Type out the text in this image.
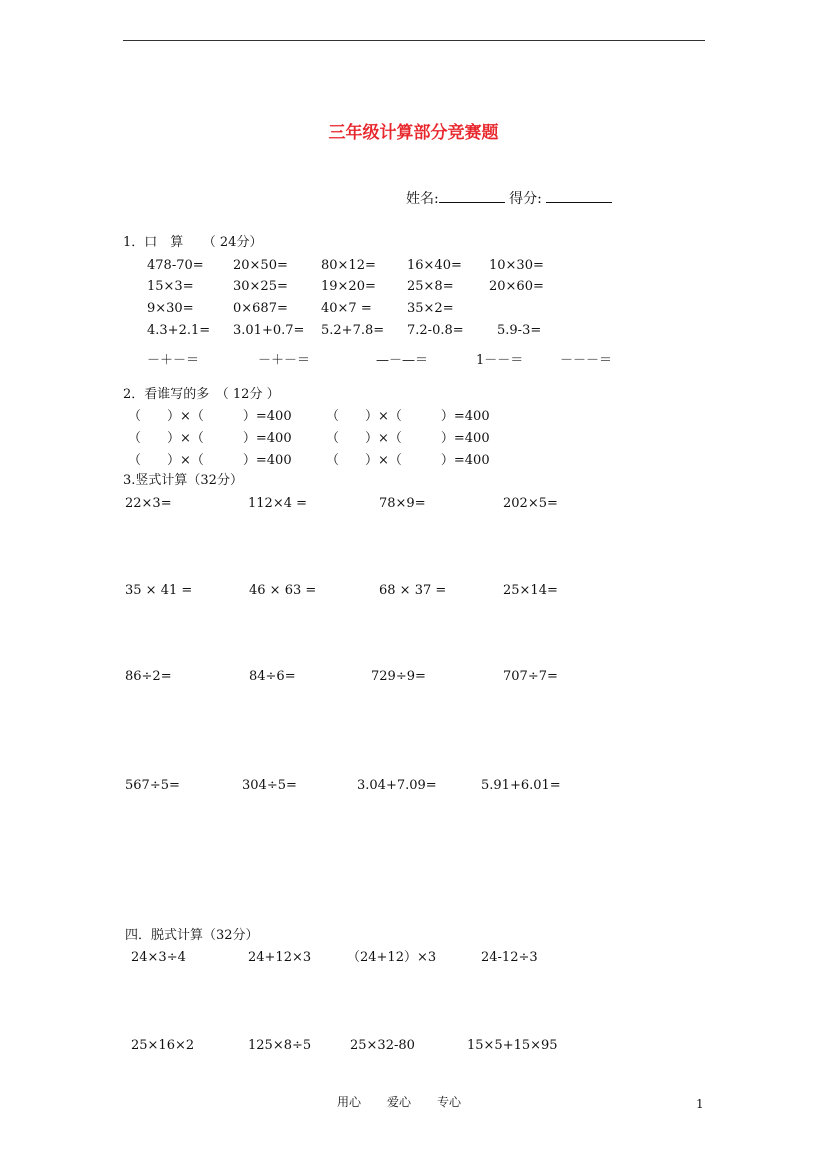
三年级计算部分竞赛题
姓名:	得分:
1．口　算　　（ 24分）
478-70= 20×50=	80×12= 16×40= 10×30=
15×3=	30×25=	19×20= 25×8=	20×60=
9×30=	0×687=	40×7 =	35×2=
4.3+2.1= 3.01+0.7= 5.2+7.8= 7.2-0.8=	5.9-3=
－＋－＝	－＋－＝	—－—＝	1－－＝	－－－＝
2．看谁写的多　（ 12分 ）
（　　）×（　　　）=400	（　　）×（　　　）=400
（　　）×（　　　）=400	（　　）×（　　　）=400
（　　）×（　　　）=400	（　　）×（　　　）=400
3.竖式计算（32分）
22×3=	112×4 =	78×9=	202×5=
35 × 41 =	46 × 63 =	68 × 37 =	25×14=
86÷2=	84÷6=	729÷9=	707÷7=
567÷5=	304÷5=	3.04+7.09=	5.91+6.01=
四．脱式计算（32分）
24×3÷4	24+12×3	（24+12）×3	24-12÷3
25×16×2	125×8÷5	25×32-80	15×5+15×95
用心 爱心 专心	1
